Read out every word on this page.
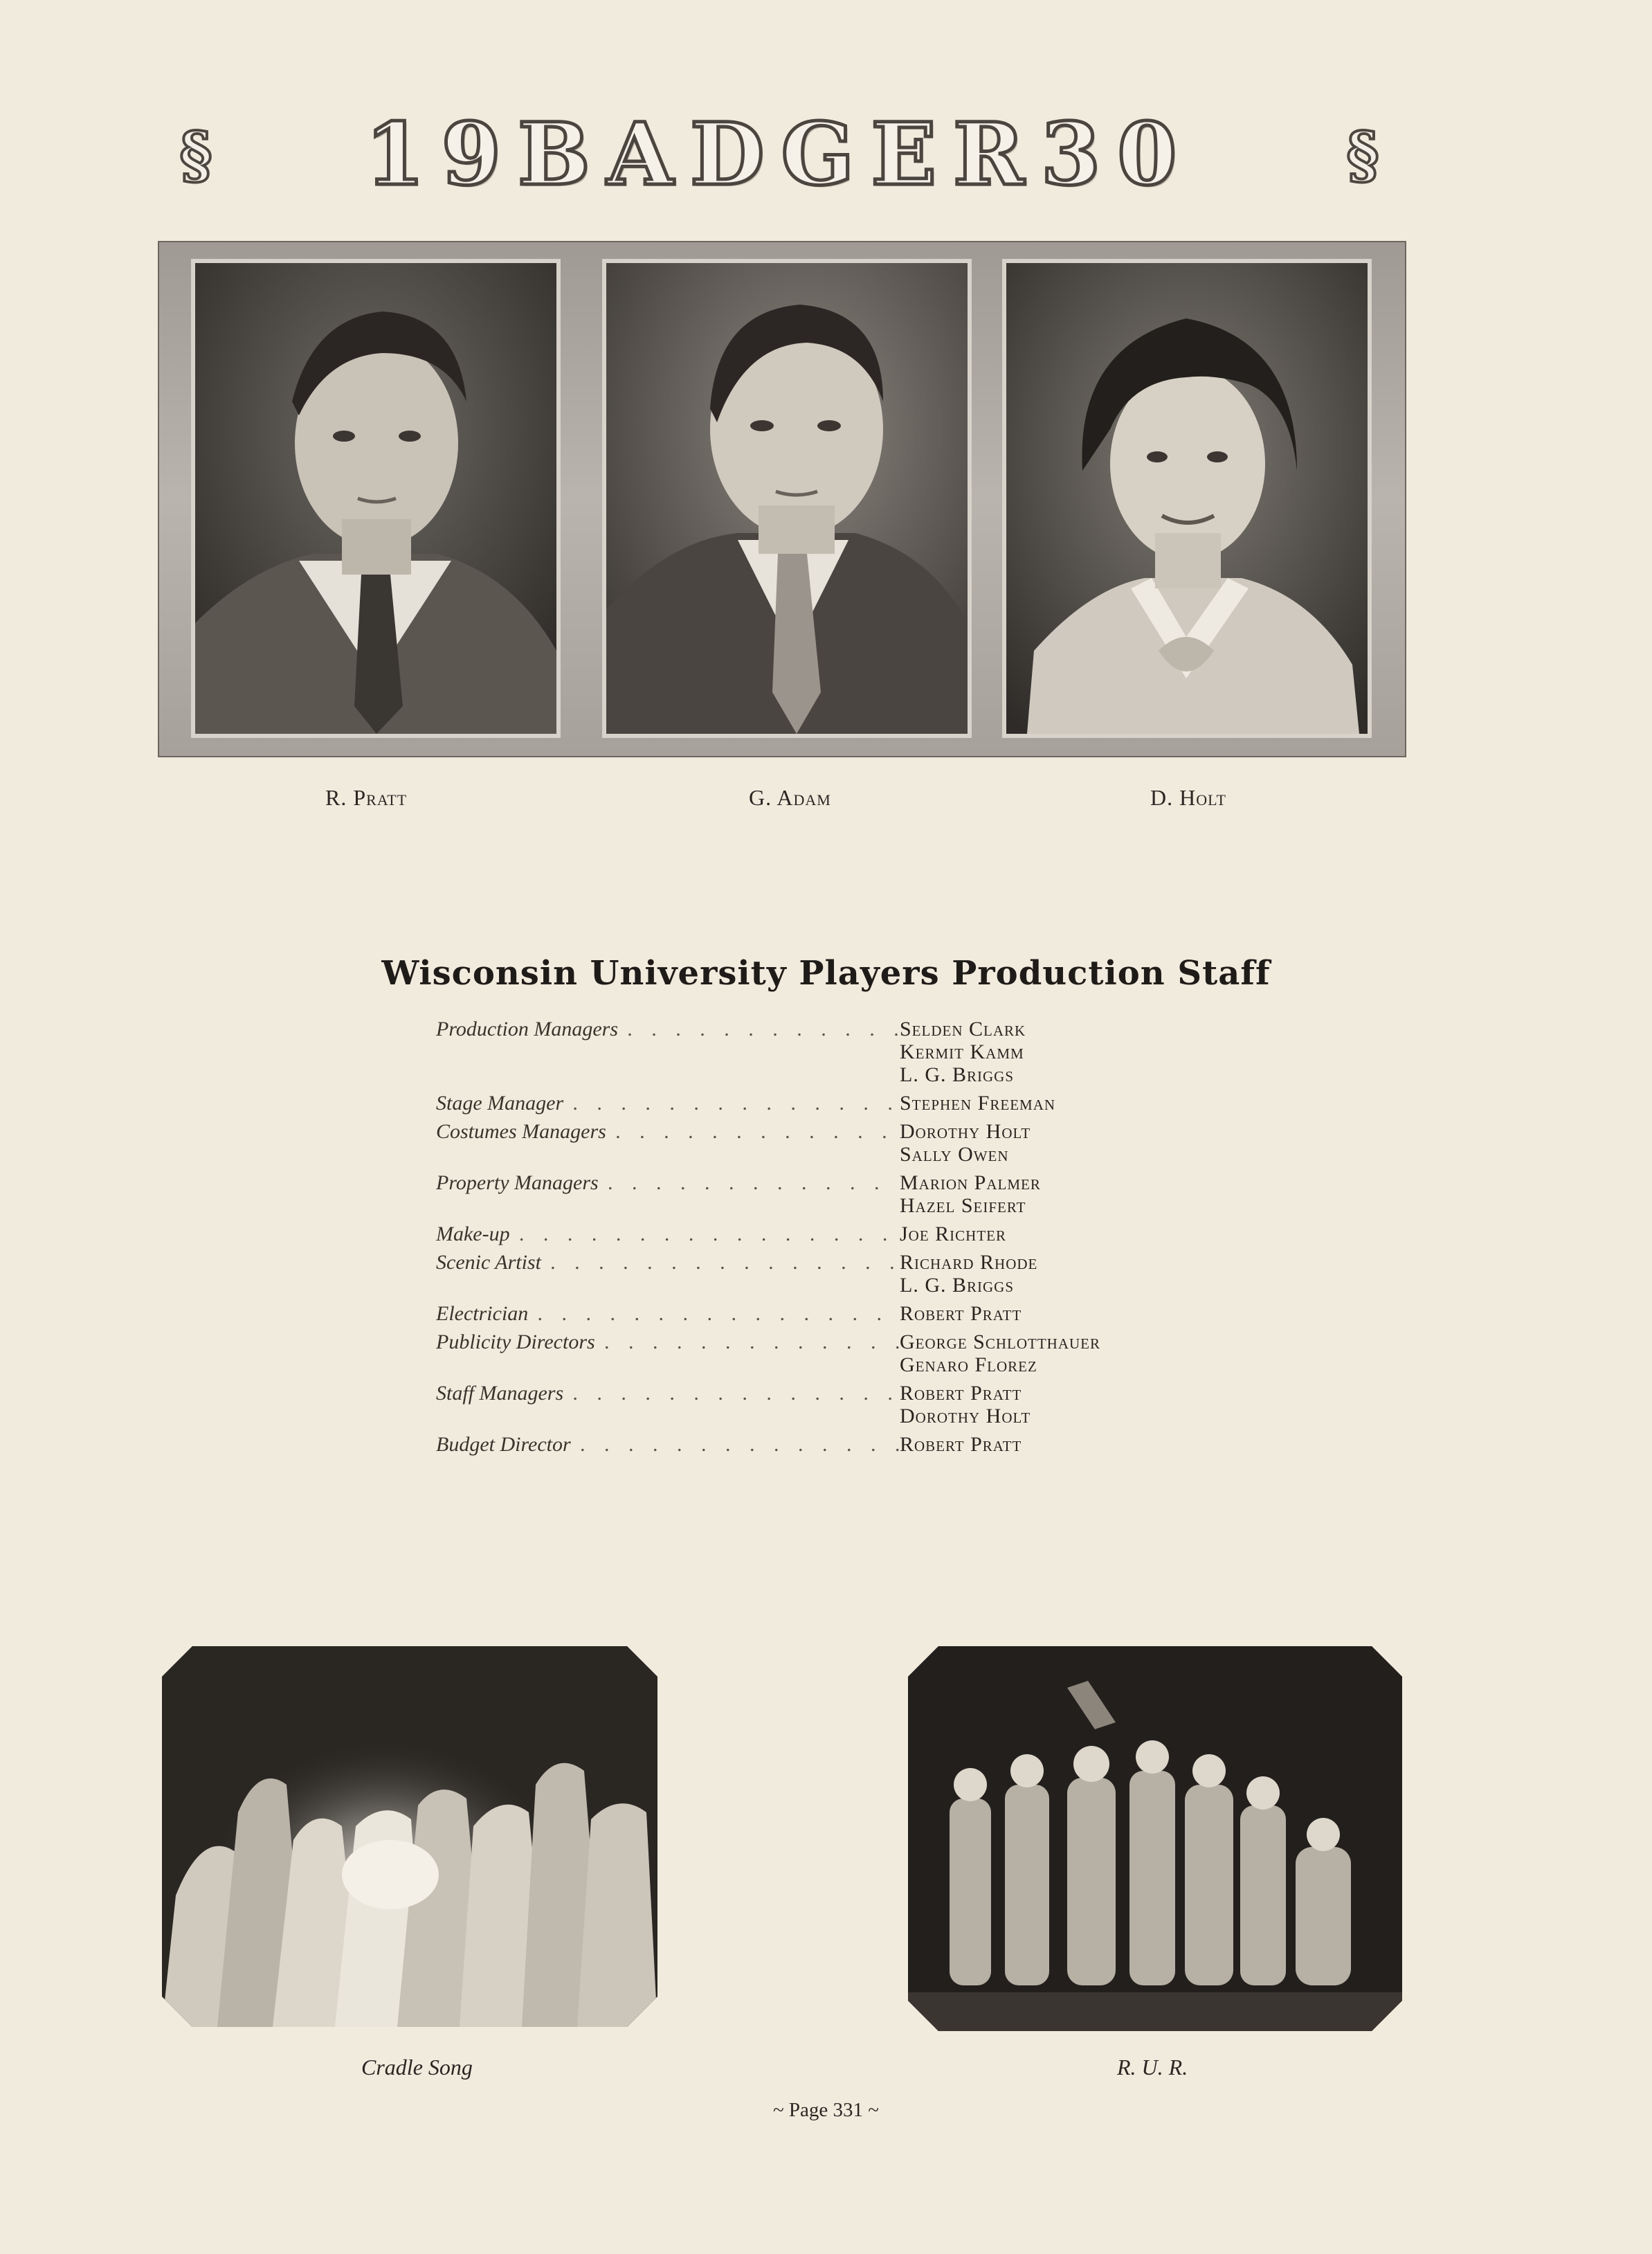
§	19BADGER30	§
R. Pratt	G. Adam	D. Holt
Wisconsin University Players Production Staff
Production Managers . . .	Selden Clark
Kermit Kamm
L. G. Briggs
Stage Manager . . .	Stephen Freeman
Costumes Managers . . .	Dorothy Holt
Sally Owen
Property Managers . . .	Marion Palmer
Hazel Seifert
Make-up . . .	Joe Richter
Scenic Artist . . .	Richard Rhode
L. G. Briggs
Electrician . . .	Robert Pratt
Publicity Directors . . .	George Schlotthauer
Genaro Florez
Staff Managers . . .	Robert Pratt
Dorothy Holt
Budget Director . . .	Robert Pratt
Cradle Song	R. U. R.
~ Page 331 ~
